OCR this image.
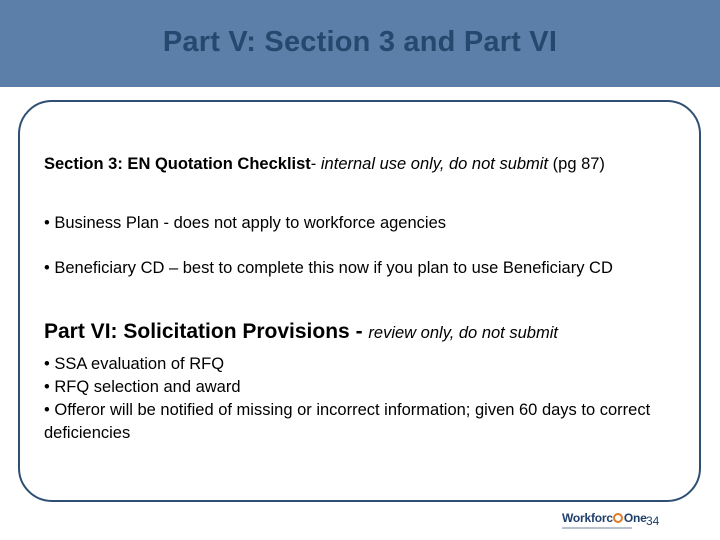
Part V: Section 3 and Part VI
Section 3: EN Quotation Checklist- internal use only, do not submit (pg 87)
• Business Plan - does not apply to workforce agencies
• Beneficiary CD – best to complete this now if you plan to use Beneficiary CD
Part VI: Solicitation Provisions - review only, do not submit
• SSA evaluation of RFQ
• RFQ selection and award
• Offeror will be notified of missing or incorrect information; given 60 days to correct deficiencies
Workforc One 34
